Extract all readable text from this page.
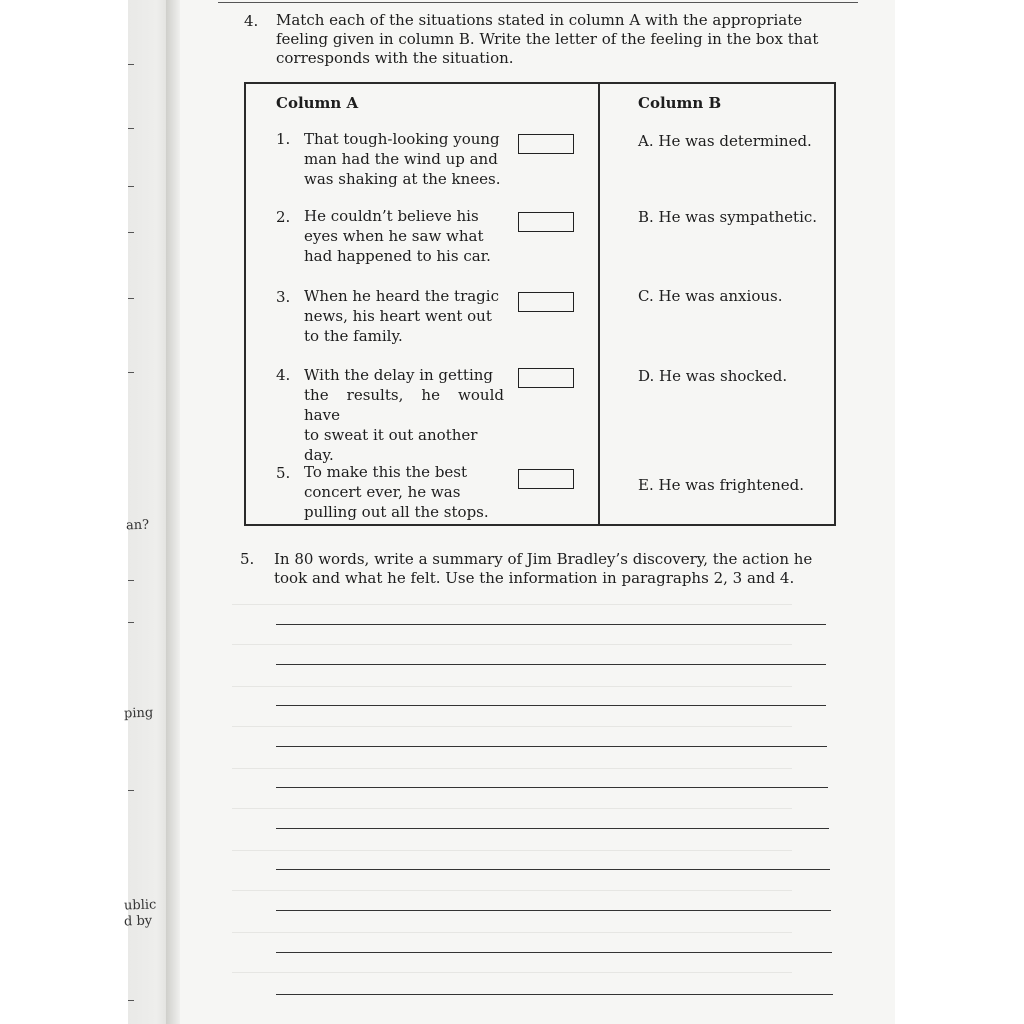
an?
ping
ublic
d by
4. Match each of the situations stated in column A with the appropriate
feeling given in column B. Write the letter of the feeling in the box that
corresponds with the situation.
Column A	Column B
1. That tough-looking young
man had the wind up and
was shaking at the knees.
2. He couldn’t believe his
eyes when he saw what
had happened to his car.
3. When he heard the tragic
news, his heart went out
to the family.
4. With the delay in getting
the results, he would have
to sweat it out another
day.
5. To make this the best
concert ever, he was
pulling out all the stops.
A. He was determined.
B. He was sympathetic.
C. He was anxious.
D. He was shocked.
E. He was frightened.
5. In 80 words, write a summary of Jim Bradley’s discovery, the action he
took and what he felt. Use the information in paragraphs 2, 3 and 4.
